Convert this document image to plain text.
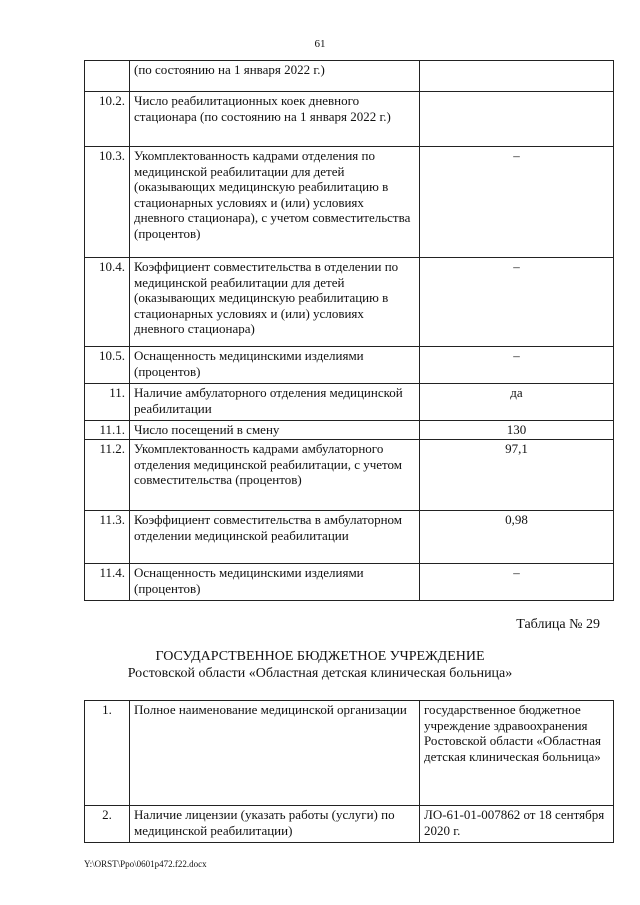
61
	(по состоянию на 1 января 2022 г.)	
10.2.	Число реабилитационных коек дневного стационара (по состоянию на 1 января 2022 г.)	
10.3.	Укомплектованность кадрами отделения по медицинской реабилитации для детей (оказывающих медицинскую реабилитацию в стационарных условиях и (или) условиях дневного стационара), с учетом совместительства (процентов)	–
10.4.	Коэффициент совместительства в отделении по медицинской реабилитации для детей (оказывающих медицинскую реабилитацию в стационарных условиях и (или) условиях дневного стационара)	–
10.5.	Оснащенность медицинскими изделиями (процентов)	–
11.	Наличие амбулаторного отделения медицинской реабилитации	да
11.1.	Число посещений в смену	130
11.2.	Укомплектованность кадрами амбулаторного отделения медицинской реабилитации, с учетом совместительства (процентов)	97,1
11.3.	Коэффициент совместительства в амбулаторном отделении медицинской реабилитации	0,98
11.4.	Оснащенность медицинскими изделиями (процентов)	–
Таблица № 29
ГОСУДАРСТВЕННОЕ БЮДЖЕТНОЕ УЧРЕЖДЕНИЕ
Ростовской области «Областная детская клиническая больница»
1.	Полное наименование медицинской организации	государственное бюджетное учреждение здравоохранения Ростовской области «Областная детская клиническая больница»
2.	Наличие лицензии (указать работы (услуги) по медицинской реабилитации)	ЛО-61-01-007862 от 18 сентября 2020 г.
Y:\ORST\Ppo\0601p472.f22.docx
